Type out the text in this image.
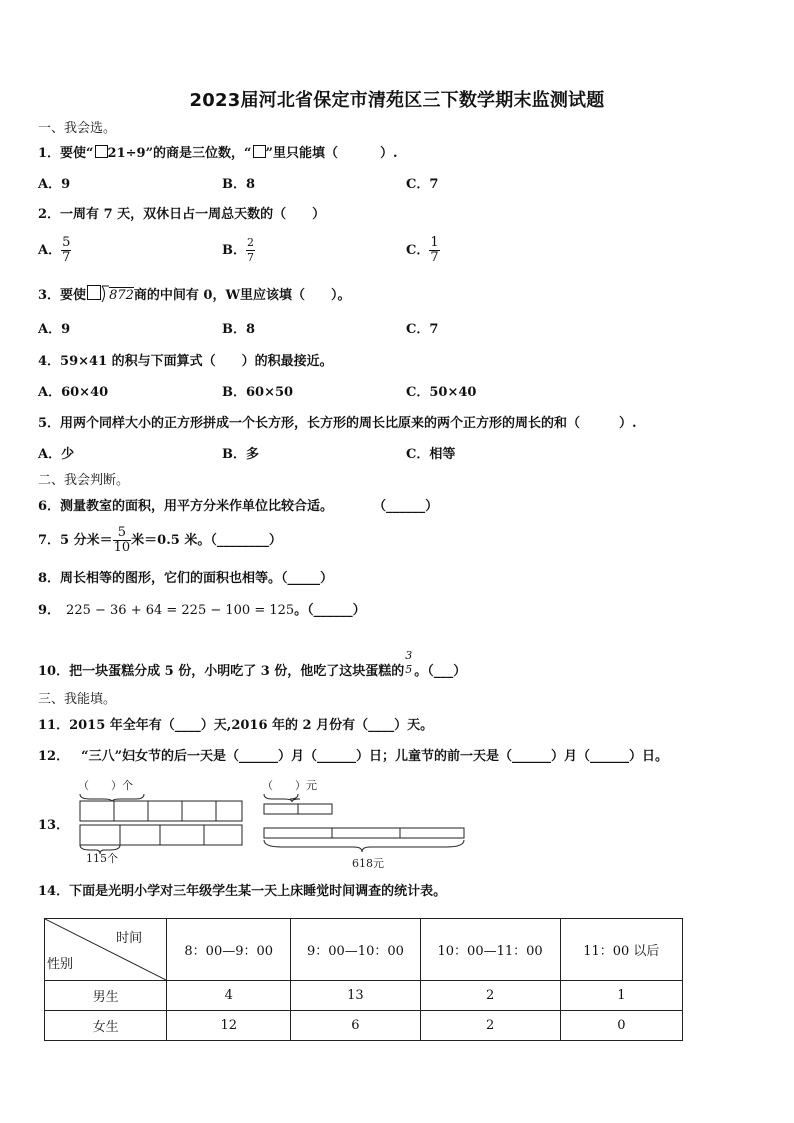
2023届河北省保定市清苑区三下数学期末监测试题
一、我会选。
1．要使“ 21÷9”的商是三位数，“ ”里只能填（	）.
A．9	B．8	C．7
2．一周有 7 天，双休日占一周总天数的（　　）
A． $\frac{5}{7}$	B． $\frac{2}{7}$	C． $\frac{1}{7}$
3．要使 872商的中间有 0，W里应该填（　　）。
A．9	B．8	C．7
4．59×41 的积与下面算式（　　）的积最接近。
A．60×40	B．60×50	C．50×40
5．用两个同样大小的正方形拼成一个长方形，长方形的周长比原来的两个正方形的周长的和（　　　）.
A．少	B．多	C．相等
二、我会判断。
6．测量教室的面积，用平方分米作单位比较合适。	（______）
7．5 分米＝ $\frac{5}{10}$ 米＝0.5 米。（________）
8．周长相等的图形，它们的面积也相等。（_____）
9． 225 − 36 + 64 = 225 − 100 = 125。（______）
10．把一块蛋糕分成 5 份，小明吃了 3 份，他吃了这块蛋糕的
3
5 。（___）
三、我能填。
11．2015 年全年有（____）天,2016 年的 2 月份有（____）天。
12． “三八”妇女节的后一天是（______）月（______）日；儿童节的前一天是（______）月（______）日。
13．
（　　）个
115个
（　　）元
618元
14．下面是光明小学对三年级学生某一天上床睡觉时间调查的统计表。
时间
性别	8：00—9：00	9：00—10：00	10：00—11：00	11：00 以后
男生	4	13	2	1
女生	12	6	2	0
